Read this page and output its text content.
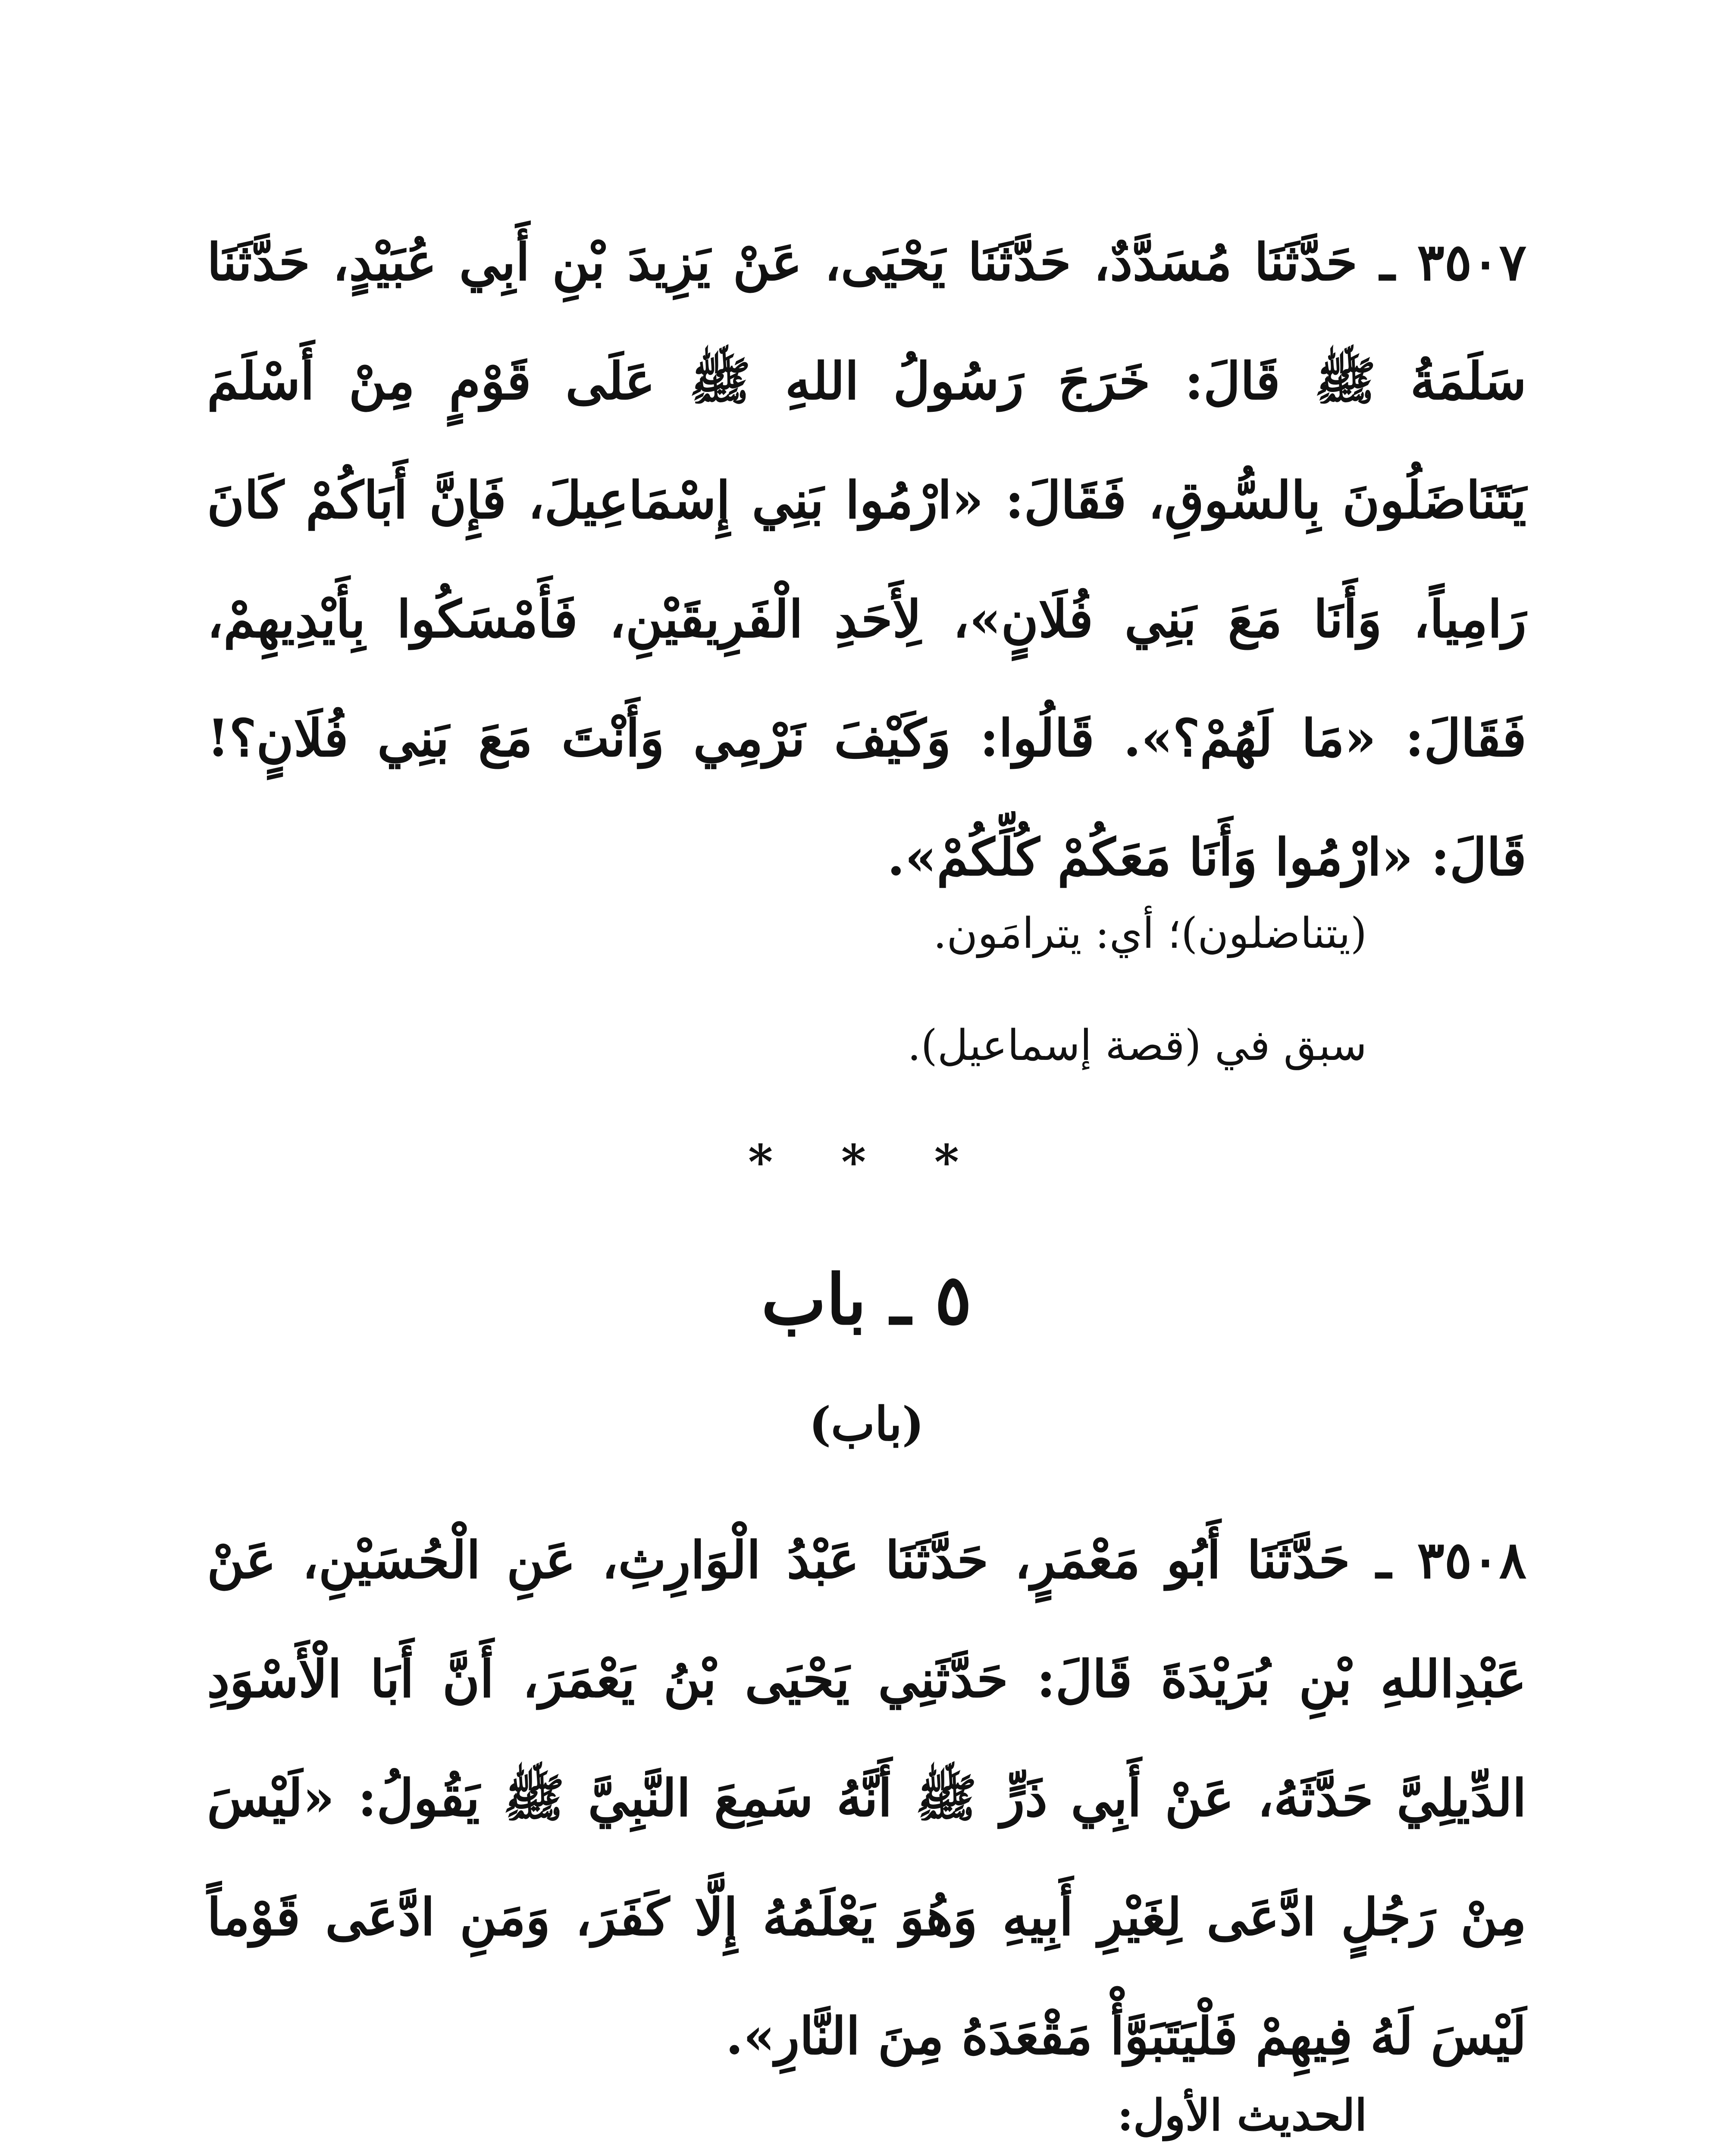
٣٥٠٧ ـ حَدَّثَنَا مُسَدَّدٌ، حَدَّثَنَا يَحْيَى، عَنْ يَزِيدَ بْنِ أَبِي عُبَيْدٍ، حَدَّثَنَا سَلَمَةُ ﷺ قَالَ: خَرَجَ رَسُولُ اللهِ ﷺ عَلَى قَوْمٍ مِنْ أَسْلَمَ يَتَنَاضَلُونَ بِالسُّوقِ، فَقَالَ: «ارْمُوا بَنِي إِسْمَاعِيلَ، فَإِنَّ أَبَاكُمْ كَانَ رَامِياً، وَأَنَا مَعَ بَنِي فُلَانٍ»، لِأَحَدِ الْفَرِيقَيْنِ، فَأَمْسَكُوا بِأَيْدِيهِمْ، فَقَالَ: «مَا لَهُمْ؟». قَالُوا: وَكَيْفَ نَرْمِي وَأَنْتَ مَعَ بَنِي فُلَانٍ؟! قَالَ: «ارْمُوا وَأَنَا مَعَكُمْ كُلِّكُمْ».

(يتناضلون)؛ أي: يترامَون.

سبق في (قصة إسماعيل).

* * *
٥ ـ باب
(باب)

٣٥٠٨ ـ حَدَّثَنَا أَبُو مَعْمَرٍ، حَدَّثَنَا عَبْدُ الْوَارِثِ، عَنِ الْحُسَيْنِ، عَنْ عَبْدِاللهِ بْنِ بُرَيْدَةَ قَالَ: حَدَّثَنِي يَحْيَى بْنُ يَعْمَرَ، أَنَّ أَبَا الْأَسْوَدِ الدِّيلِيَّ حَدَّثَهُ، عَنْ أَبِي ذَرٍّ ﷺ أَنَّهُ سَمِعَ النَّبِيَّ ﷺ يَقُولُ: «لَيْسَ مِنْ رَجُلٍ ادَّعَى لِغَيْرِ أَبِيهِ وَهُوَ يَعْلَمُهُ إِلَّا كَفَرَ، وَمَنِ ادَّعَى قَوْماً لَيْسَ لَهُ فِيهِمْ فَلْيَتَبَوَّأْ مَقْعَدَهُ مِنَ النَّارِ».

الحديث الأول:
